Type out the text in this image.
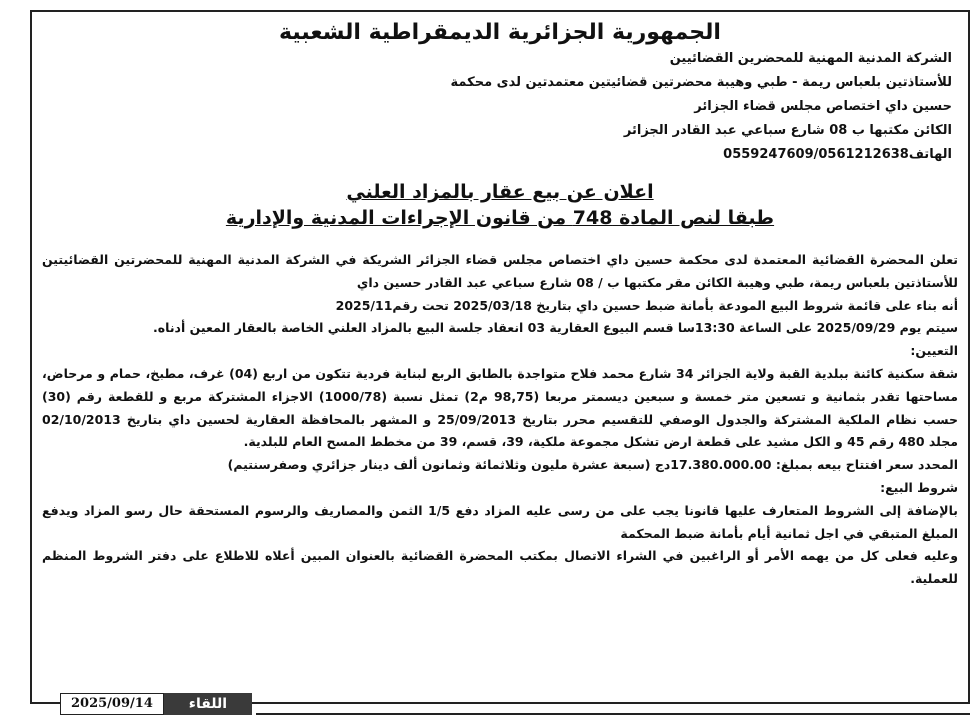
الجمهورية الجزائرية الديمقراطية الشعبية
الشركة المدنية المهنية للمحضرين القضائيين
للأستاذتين بلعباس ريمة - طبي وهيبة محضرتين قضائيتين معتمدتين لدى محكمة
حسين داي اختصاص مجلس قضاء الجزائر
الكائن مكتبها ب 08 شارع سباعي عبد القادر الجزائر
الهاتف0559247609/0561212638
اعلان عن بيع عقار بالمزاد العلني
طبقا لنص المادة 748 من قانون الإجراءات المدنية والإدارية

تعلن المحضرة القضائية المعتمدة لدى محكمة حسين داي اختصاص مجلس قضاء الجزائر الشريكة في الشركة المدنية المهنية للمحضرتين القضائيتين للأستاذتين بلعباس ريمة، طبي وهيبة الكائن مقر مكتبها ب / 08 شارع سباعي عبد القادر حسين داي

أنه بناء على قائمة شروط البيع المودعة بأمانة ضبط حسين داي بتاريخ 2025/03/18 تحت رقم2025/11

سيتم يوم 2025/09/29 على الساعة 13:30سا قسم البيوع العقارية 03 انعقاد جلسة البيع بالمزاد العلني الخاصة بالعقار المعين أدناه.

التعيين:

شقة سكنية كائنة ببلدية القبة ولاية الجزائر 34 شارع محمد فلاح متواجدة بالطابق الربع لبناية فردية تتكون من اربع (04) غرف، مطبخ، حمام و مرحاض، مساحتها تقدر بثمانية و تسعين متر خمسة و سبعين ديسمتر مربعا (98,75 م2) تمثل نسبة (1000/78) الاجزاء المشتركة مربع و للقطعة رقم (30) حسب نظام الملكية المشتركة والجدول الوصفي للتقسيم محرر بتاريخ 25/09/2013 و المشهر بالمحافظة العقارية لحسين داي بتاريخ 02/10/2013 مجلد 480 رقم 45 و الكل مشيد على قطعة ارض تشكل مجموعة ملكية، 39، قسم، 39 من مخطط المسح العام للبلدية.

المحدد سعر افتتاح بيعه بمبلغ: 17.380.000.00دج (سبعة عشرة مليون وثلاثمائة وثمانون ألف دينار جزائري وصفرسنتيم)

شروط البيع:

بالإضافة إلى الشروط المتعارف عليها قانونا يجب على من رسى عليه المزاد دفع 1/5 الثمن والمصاريف والرسوم المستحقة حال رسو المزاد ويدفع المبلغ المتبقي في اجل ثمانية أيام بأمانة ضبط المحكمة

وعليه فعلى كل من يهمه الأمر أو الراغبين في الشراء الاتصال بمكتب المحضرة القضائية بالعنوان المبين أعلاه للاطلاع على دفتر الشروط المنظم للعملية.

2025/09/14	اللقاء
